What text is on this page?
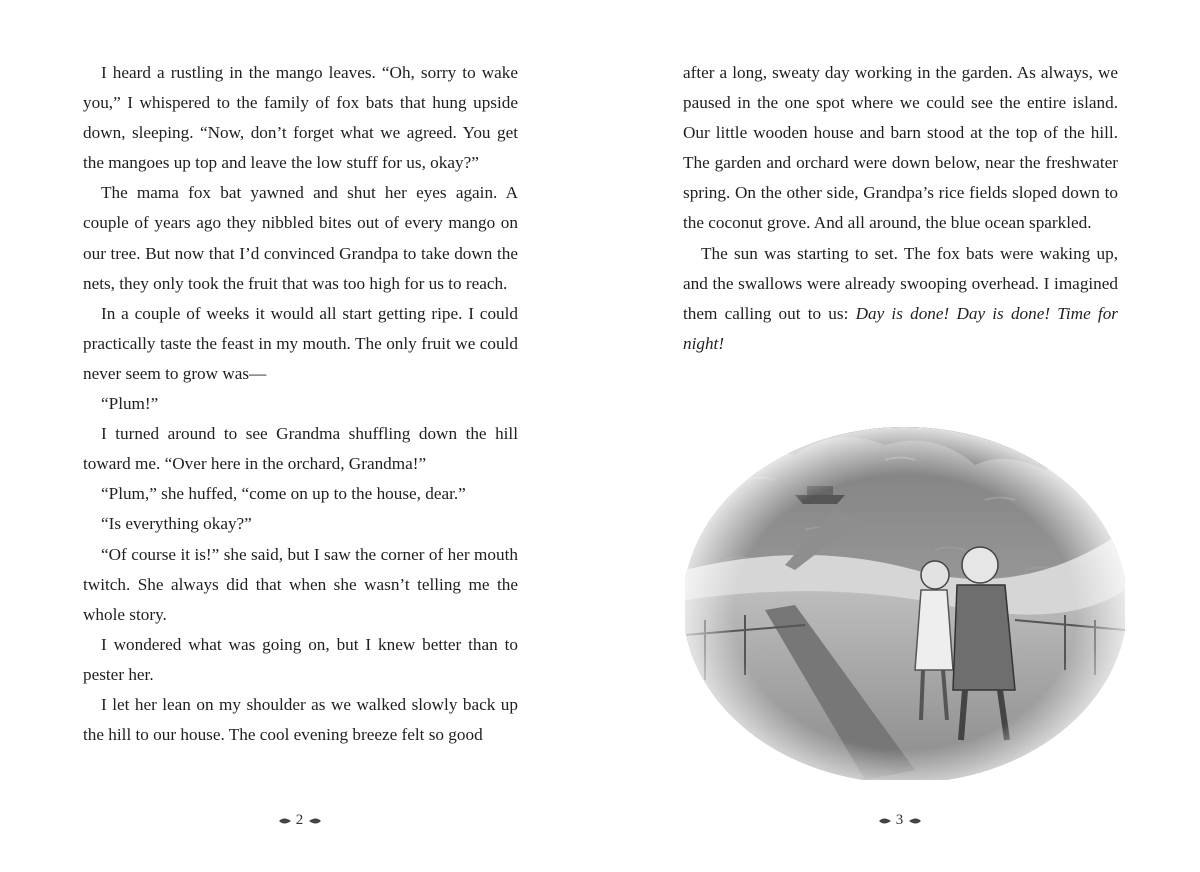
I heard a rustling in the mango leaves. “Oh, sorry to wake you,” I whispered to the family of fox bats that hung upside down, sleeping. “Now, don’t forget what we agreed. You get the mangoes up top and leave the low stuff for us, okay?”

The mama fox bat yawned and shut her eyes again. A couple of years ago they nibbled bites out of every mango on our tree. But now that I’d convinced Grandpa to take down the nets, they only took the fruit that was too high for us to reach.

In a couple of weeks it would all start getting ripe. I could practically taste the feast in my mouth. The only fruit we could never seem to grow was—

“Plum!”

I turned around to see Grandma shuffling down the hill toward me. “Over here in the orchard, Grandma!”

“Plum,” she huffed, “come on up to the house, dear.”

“Is everything okay?”

“Of course it is!” she said, but I saw the corner of her mouth twitch. She always did that when she wasn’t telling me the whole story.

I wondered what was going on, but I knew better than to pester her.

I let her lean on my shoulder as we walked slowly back up the hill to our house. The cool evening breeze felt so good

2

after a long, sweaty day working in the garden. As always, we paused in the one spot where we could see the entire island. Our little wooden house and barn stood at the top of the hill. The garden and orchard were down below, near the freshwater spring. On the other side, Grandpa’s rice fields sloped down to the coconut grove. And all around, the blue ocean sparkled.

The sun was starting to set. The fox bats were waking up, and the swallows were already swooping overhead. I imagined them calling out to us: Day is done! Day is done! Time for night!

3
